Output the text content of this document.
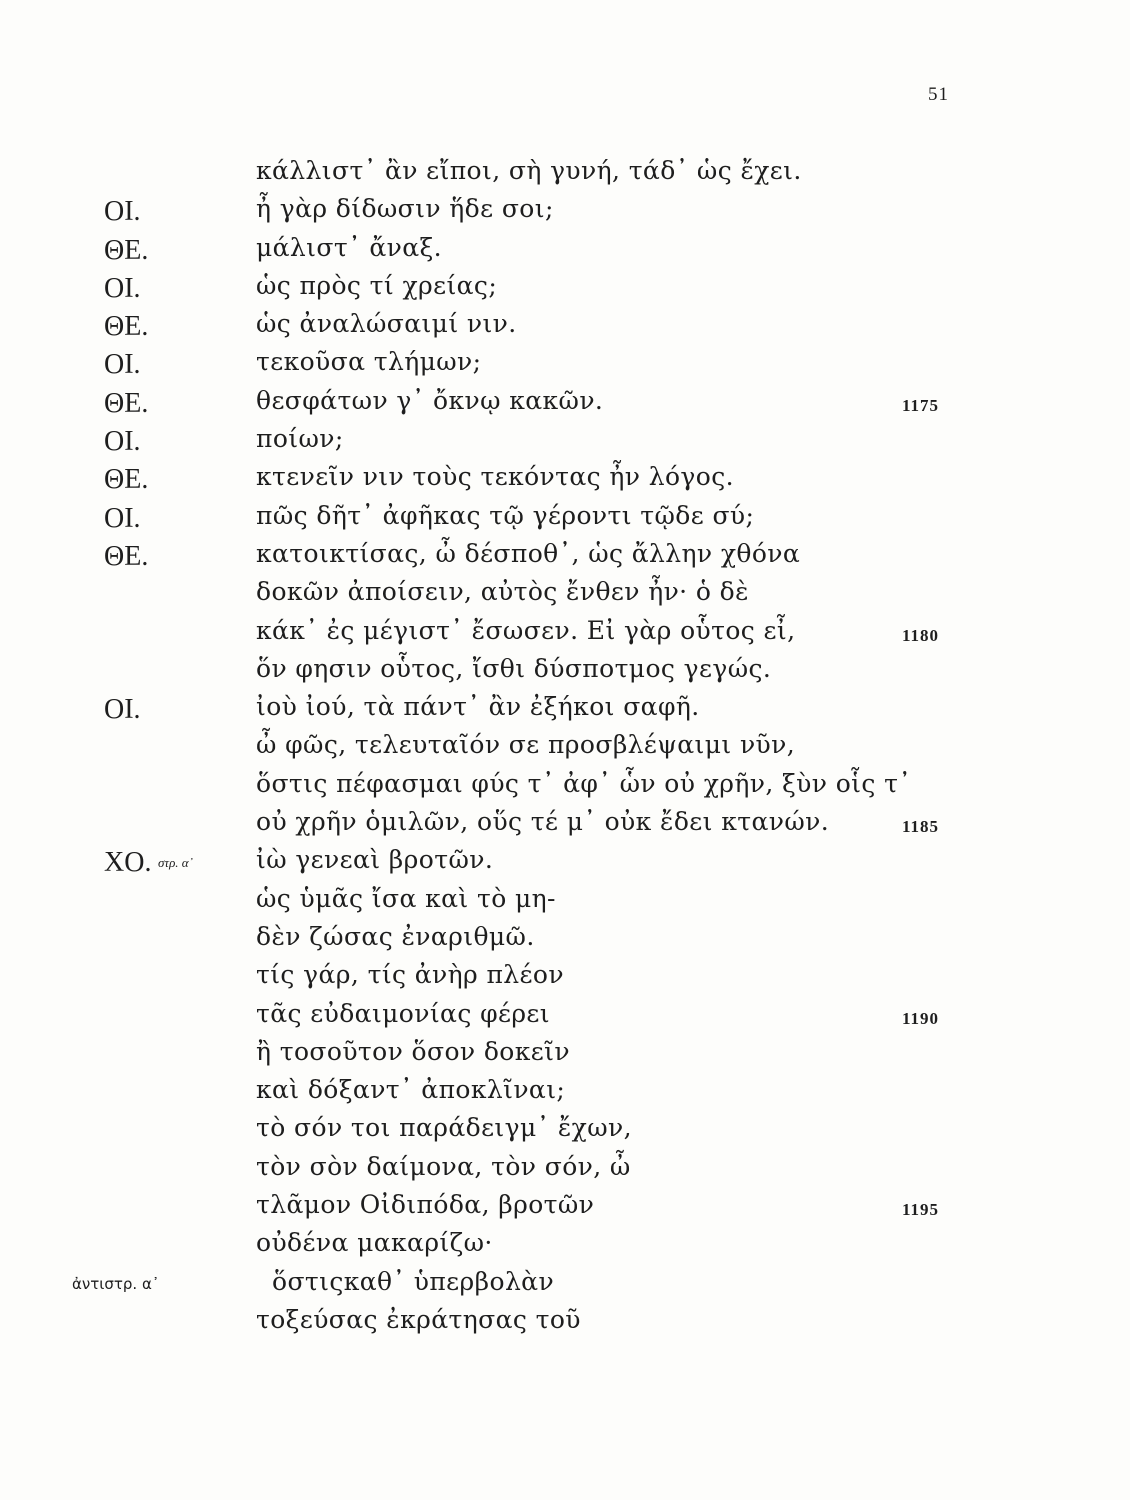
51
κάλλιστ᾽ ἂν εἴποι, σὴ γυνή, τάδ᾽ ὡς ἔχει.
ΟΙ.	ἦ γὰρ δίδωσιν ἥδε σοι;
ΘΕ.	μάλιστ᾽ ἄναξ.
ΟΙ.	ὡς πρὸς τί χρείας;
ΘΕ.	ὡς ἀναλώσαιμί νιν.
ΟΙ.	τεκοῦσα τλήμων;
ΘΕ.	θεσφάτων γ᾽ ὄκνῳ κακῶν.	1175
ΟΙ.	ποίων;
ΘΕ.	κτενεῖν νιν τοὺς τεκόντας ἦν λόγος.
ΟΙ.	πῶς δῆτ᾽ ἀφῆκας τῷ γέροντι τῷδε σύ;
ΘΕ.	κατοικτίσας, ὦ δέσποθ᾽, ὡς ἄλλην χθόνα
δοκῶν ἀποίσειν, αὐτὸς ἔνθεν ἦν· ὁ δὲ
κάκ᾽ ἐς μέγιστ᾽ ἔσωσεν. Εἰ γὰρ οὗτος εἶ,	1180
ὅν φησιν οὗτος, ἴσθι δύσποτμος γεγώς.
ΟΙ.	ἰοὺ ἰού, τὰ πάντ᾽ ἂν ἐξήκοι σαφῆ.
ὦ φῶς, τελευταῖόν σε προσβλέψαιμι νῦν,
ὅστις πέφασμαι φύς τ᾽ ἀφ᾽ ὧν οὐ χρῆν, ξὺν οἷς τ᾽
οὐ χρῆν ὁμιλῶν, οὕς τέ μ᾽ οὐκ ἔδει κτανών.	1185
ΧΟ. στρ. α᾽	ἰὼ γενεαὶ βροτῶν.
ὡς ὑμᾶς ἴσα καὶ τὸ μη-
δὲν ζώσας ἐναριθμῶ.
τίς γάρ, τίς ἀνὴρ πλέον
τᾶς εὐδαιμονίας φέρει	1190
ἢ τοσοῦτον ὅσον δοκεῖν
καὶ δόξαντ᾽ ἀποκλῖναι;
τὸ σόν τοι παράδειγμ᾽ ἔχων,
τὸν σὸν δαίμονα, τὸν σόν, ὦ
τλᾶμον Οἰδιπόδα, βροτῶν	1195
οὐδένα μακαρίζω·
ἀντιστρ. α᾽	ὅστιςκαθ᾽ ὑπερβολὰν
τοξεύσας ἐκράτησας τοῦ
